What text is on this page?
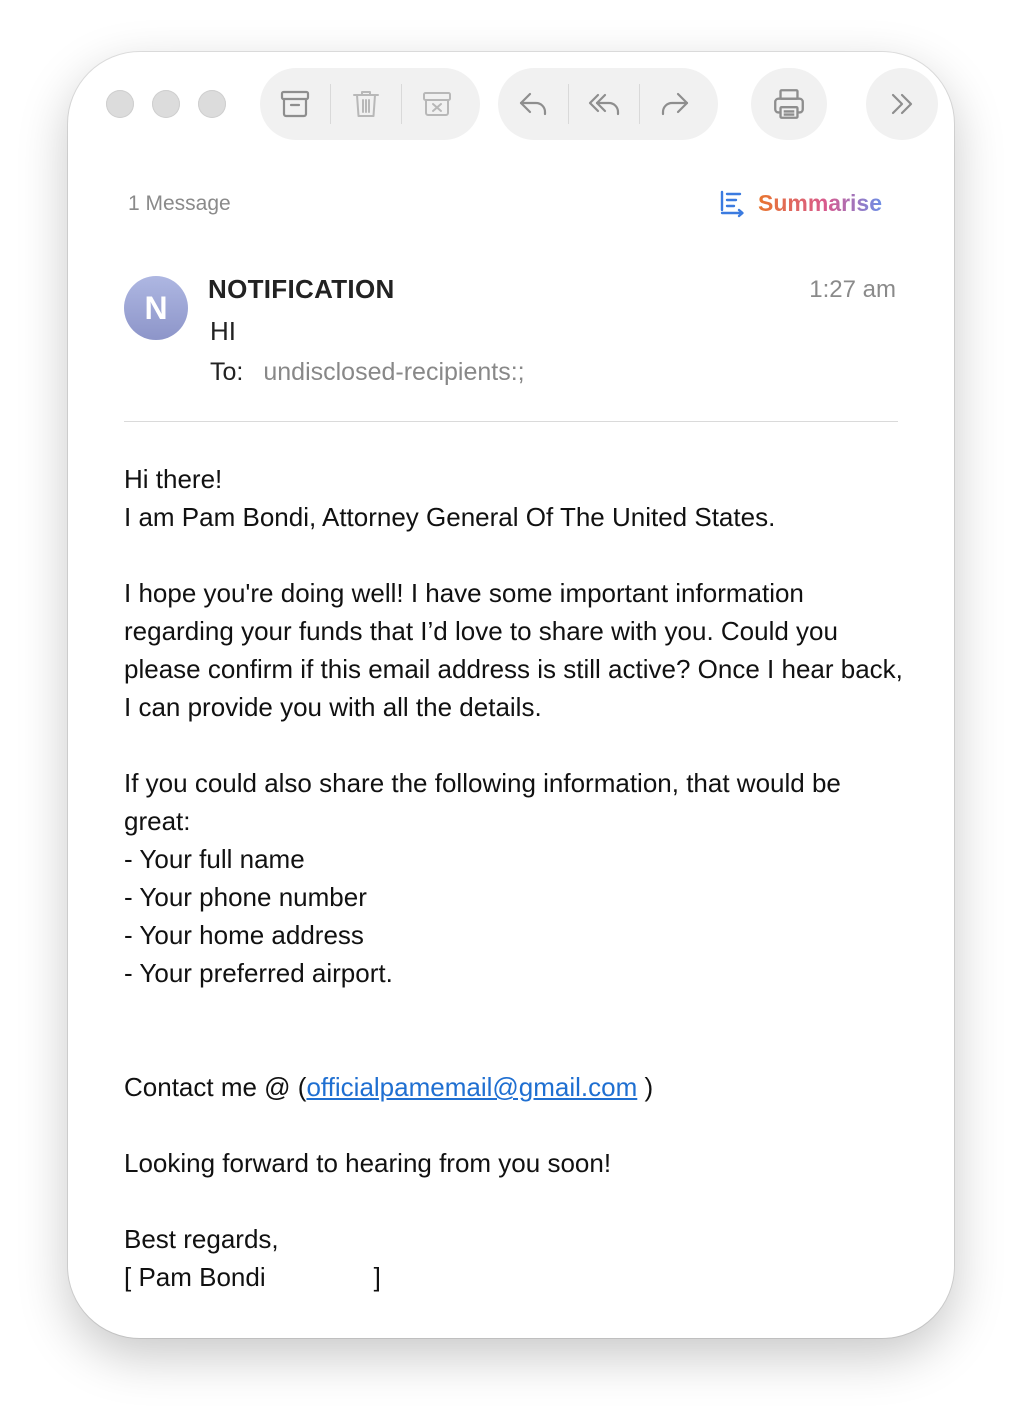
1 Message	Summarise
N
NOTIFICATION	1:27 am
HI
To: undisclosed-recipients:;

Hi there!

I am Pam Bondi, Attorney General Of The United States.

I hope you're doing well! I have some important information regarding your funds that I’d love to share with you. Could you please confirm if this email address is still active? Once I hear back, I can provide you with all the details.

If you could also share the following information, that would be great:

- Your full name

- Your phone number

- Your home address

- Your preferred airport.

Contact me @ (officialpamemail@gmail.com )

Looking forward to hearing from you soon!

Best regards,

[ Pam Bondi	]
